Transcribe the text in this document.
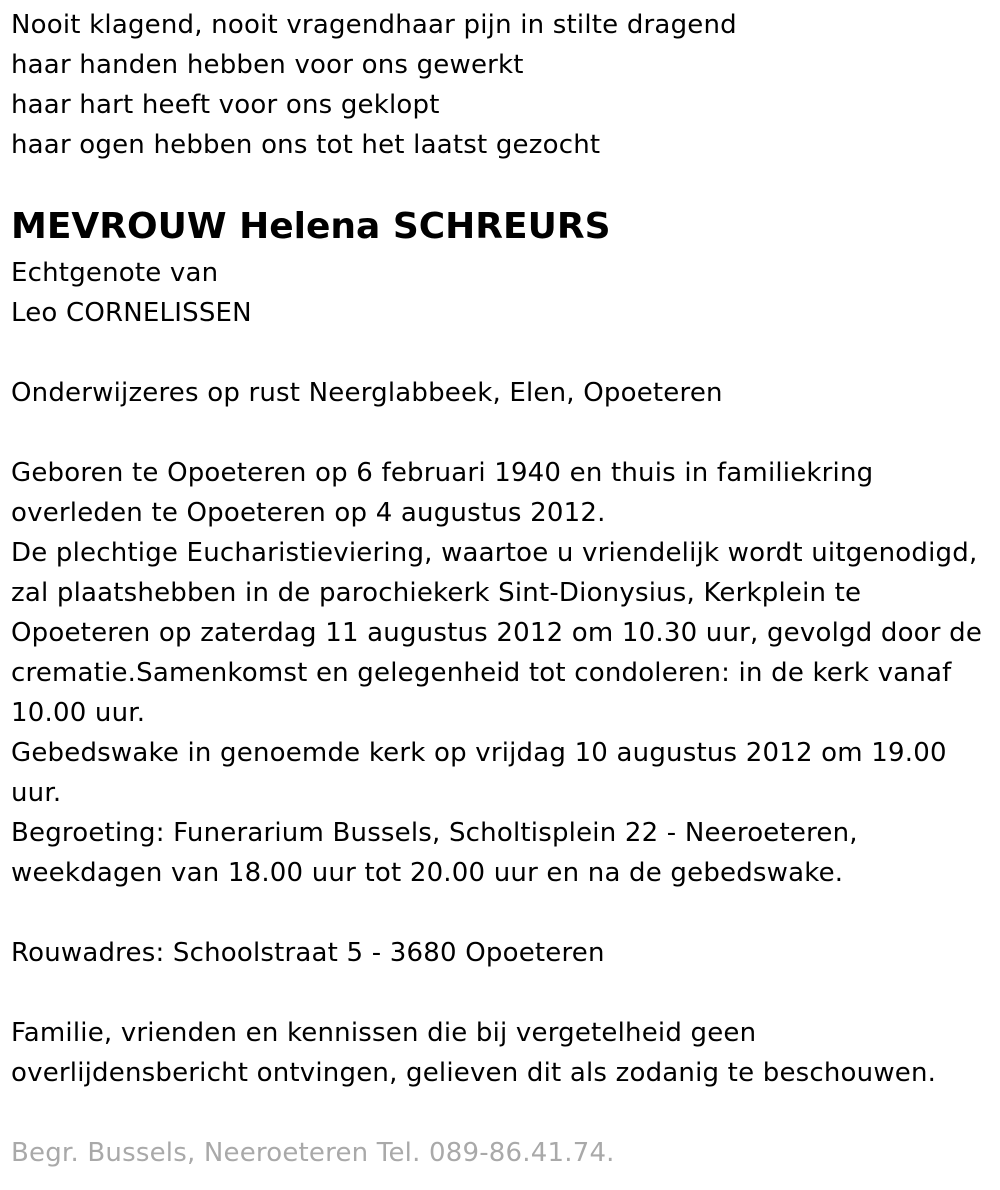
Nooit klagend, nooit vragendhaar pijn in stilte dragend
haar handen hebben voor ons gewerkt
haar hart heeft voor ons geklopt
haar ogen hebben ons tot het laatst gezocht
MEVROUW Helena SCHREURS
Echtgenote van
Leo CORNELISSEN
Onderwijzeres op rust Neerglabbeek, Elen, Opoeteren
Geboren te Opoeteren op 6 februari 1940 en thuis in familiekring
overleden te Opoeteren op 4 augustus 2012.
De plechtige Eucharistieviering, waartoe u vriendelijk wordt uitgenodigd,
zal plaatshebben in de parochiekerk Sint-Dionysius, Kerkplein te
Opoeteren op zaterdag 11 augustus 2012 om 10.30 uur, gevolgd door de
crematie.Samenkomst en gelegenheid tot condoleren: in de kerk vanaf
10.00 uur.
Gebedswake in genoemde kerk op vrijdag 10 augustus 2012 om 19.00
uur.
Begroeting: Funerarium Bussels, Scholtisplein 22 - Neeroeteren,
weekdagen van 18.00 uur tot 20.00 uur en na de gebedswake.
Rouwadres: Schoolstraat 5 - 3680 Opoeteren
Familie, vrienden en kennissen die bij vergetelheid geen
overlijdensbericht ontvingen, gelieven dit als zodanig te beschouwen.
Begr. Bussels, Neeroeteren Tel. 089-86.41.74.
